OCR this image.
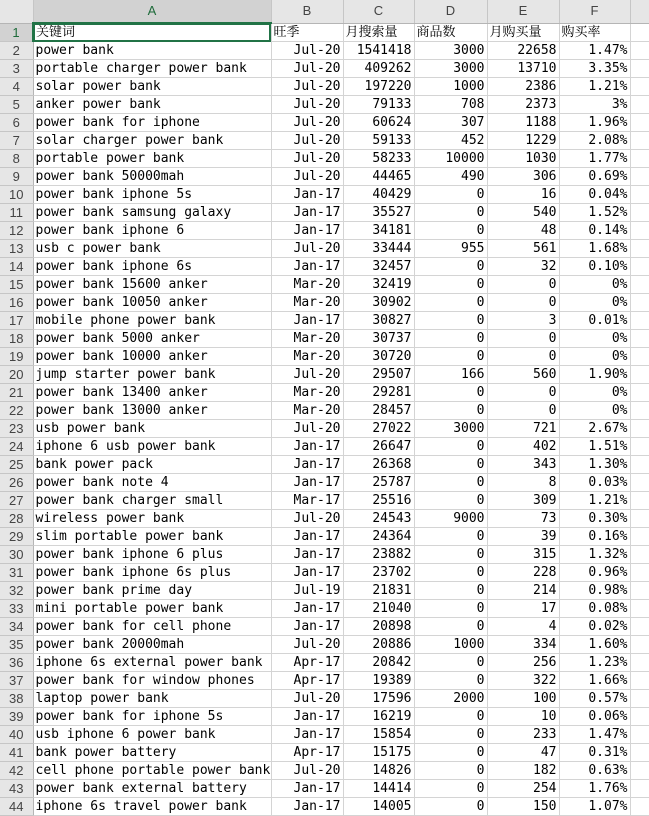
	A	B	C	D	E	F	
1	关键词	旺季	月搜索量	商品数	月购买量	购买率	
2	power bank	Jul-20	1541418	3000	22658	1.47%	
3	portable charger power bank	Jul-20	409262	3000	13710	3.35%	
4	solar power bank	Jul-20	197220	1000	2386	1.21%	
5	anker power bank	Jul-20	79133	708	2373	3%	
6	power bank for iphone	Jul-20	60624	307	1188	1.96%	
7	solar charger power bank	Jul-20	59133	452	1229	2.08%	
8	portable power bank	Jul-20	58233	10000	1030	1.77%	
9	power bank 50000mah	Jul-20	44465	490	306	0.69%	
10	power bank iphone 5s	Jan-17	40429	0	16	0.04%	
11	power bank samsung galaxy	Jan-17	35527	0	540	1.52%	
12	power bank iphone 6	Jan-17	34181	0	48	0.14%	
13	usb c power bank	Jul-20	33444	955	561	1.68%	
14	power bank iphone 6s	Jan-17	32457	0	32	0.10%	
15	power bank 15600 anker	Mar-20	32419	0	0	0%	
16	power bank 10050 anker	Mar-20	30902	0	0	0%	
17	mobile phone power bank	Jan-17	30827	0	3	0.01%	
18	power bank 5000 anker	Mar-20	30737	0	0	0%	
19	power bank 10000 anker	Mar-20	30720	0	0	0%	
20	jump starter power bank	Jul-20	29507	166	560	1.90%	
21	power bank 13400 anker	Mar-20	29281	0	0	0%	
22	power bank 13000 anker	Mar-20	28457	0	0	0%	
23	usb power bank	Jul-20	27022	3000	721	2.67%	
24	iphone 6 usb power bank	Jan-17	26647	0	402	1.51%	
25	bank power pack	Jan-17	26368	0	343	1.30%	
26	power bank note 4	Jan-17	25787	0	8	0.03%	
27	power bank charger small	Mar-17	25516	0	309	1.21%	
28	wireless power bank	Jul-20	24543	9000	73	0.30%	
29	slim portable power bank	Jan-17	24364	0	39	0.16%	
30	power bank iphone 6 plus	Jan-17	23882	0	315	1.32%	
31	power bank iphone 6s plus	Jan-17	23702	0	228	0.96%	
32	power bank prime day	Jul-19	21831	0	214	0.98%	
33	mini portable power bank	Jan-17	21040	0	17	0.08%	
34	power bank for cell phone	Jan-17	20898	0	4	0.02%	
35	power bank 20000mah	Jul-20	20886	1000	334	1.60%	
36	iphone 6s external power bank	Apr-17	20842	0	256	1.23%	
37	power bank for window phones	Apr-17	19389	0	322	1.66%	
38	laptop power bank	Jul-20	17596	2000	100	0.57%	
39	power bank for iphone 5s	Jan-17	16219	0	10	0.06%	
40	usb iphone 6 power bank	Jan-17	15854	0	233	1.47%	
41	bank power battery	Apr-17	15175	0	47	0.31%	
42	cell phone portable power bank	Jul-20	14826	0	182	0.63%	
43	power bank external battery	Jan-17	14414	0	254	1.76%	
44	iphone 6s travel power bank	Jan-17	14005	0	150	1.07%	
